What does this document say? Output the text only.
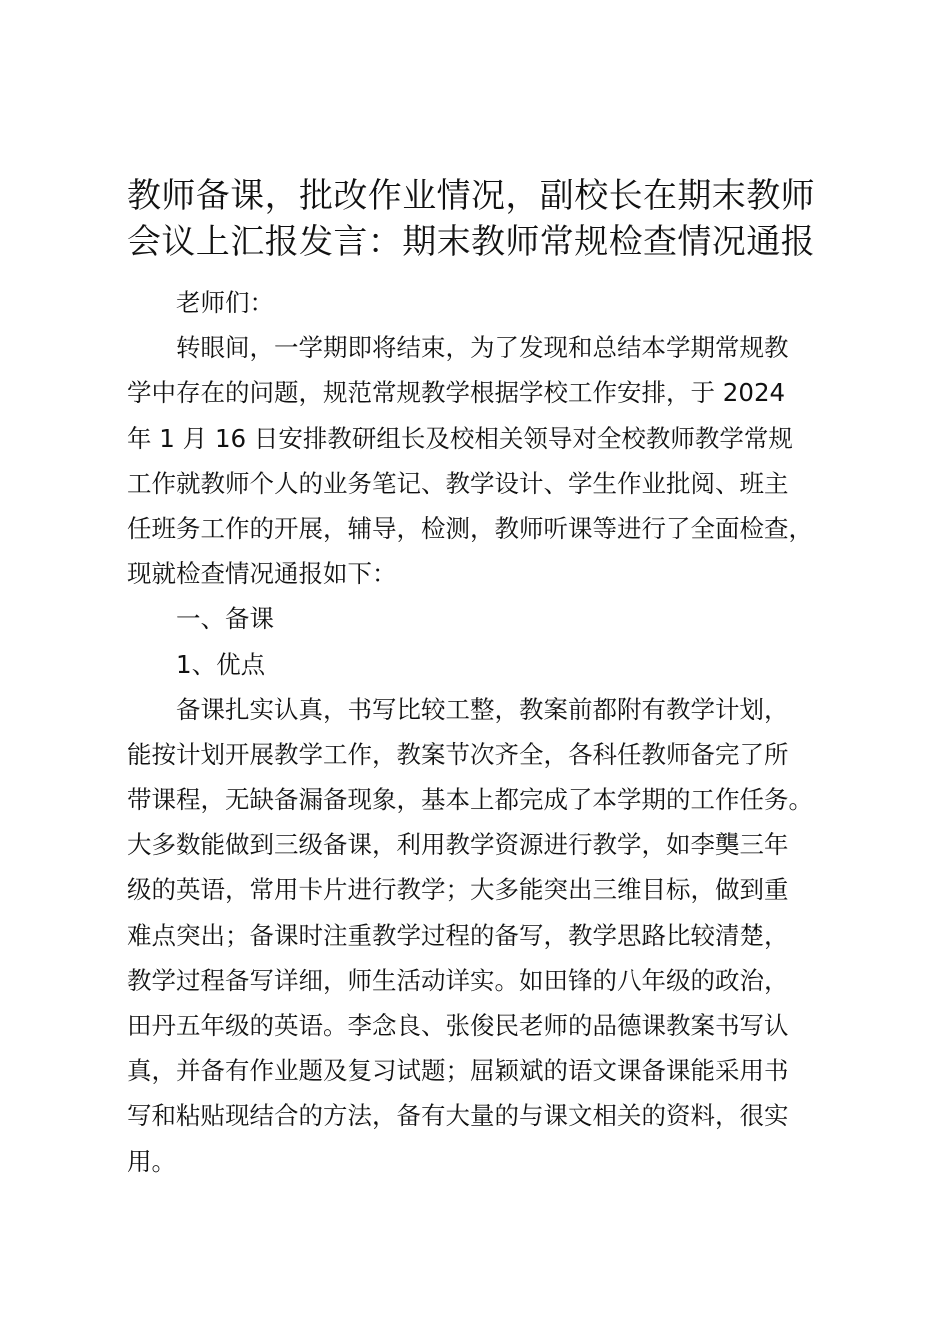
教师备课，批改作业情况，副校长在期末教师
会议上汇报发言：期末教师常规检查情况通报
老师们：
转眼间，一学期即将结束，为了发现和总结本学期常规教
学中存在的问题，规范常规教学根据学校工作安排，于 2024
年 1 月 16 日安排教研组长及校相关领导对全校教师教学常规
工作就教师个人的业务笔记、教学设计、学生作业批阅、班主
任班务工作的开展，辅导，检测，教师听课等进行了全面检查，
现就检查情况通报如下：
一、备课
1、优点
备课扎实认真，书写比较工整，教案前都附有教学计划，
能按计划开展教学工作，教案节次齐全，各科任教师备完了所
带课程，无缺备漏备现象，基本上都完成了本学期的工作任务。
大多数能做到三级备课，利用教学资源进行教学，如李龑三年
级的英语，常用卡片进行教学；大多能突出三维目标，做到重
难点突出；备课时注重教学过程的备写，教学思路比较清楚，
教学过程备写详细，师生活动详实。如田锋的八年级的政治，
田丹五年级的英语。李念良、张俊民老师的品德课教案书写认
真，并备有作业题及复习试题；屈颖斌的语文课备课能采用书
写和粘贴现结合的方法，备有大量的与课文相关的资料，很实
用。
